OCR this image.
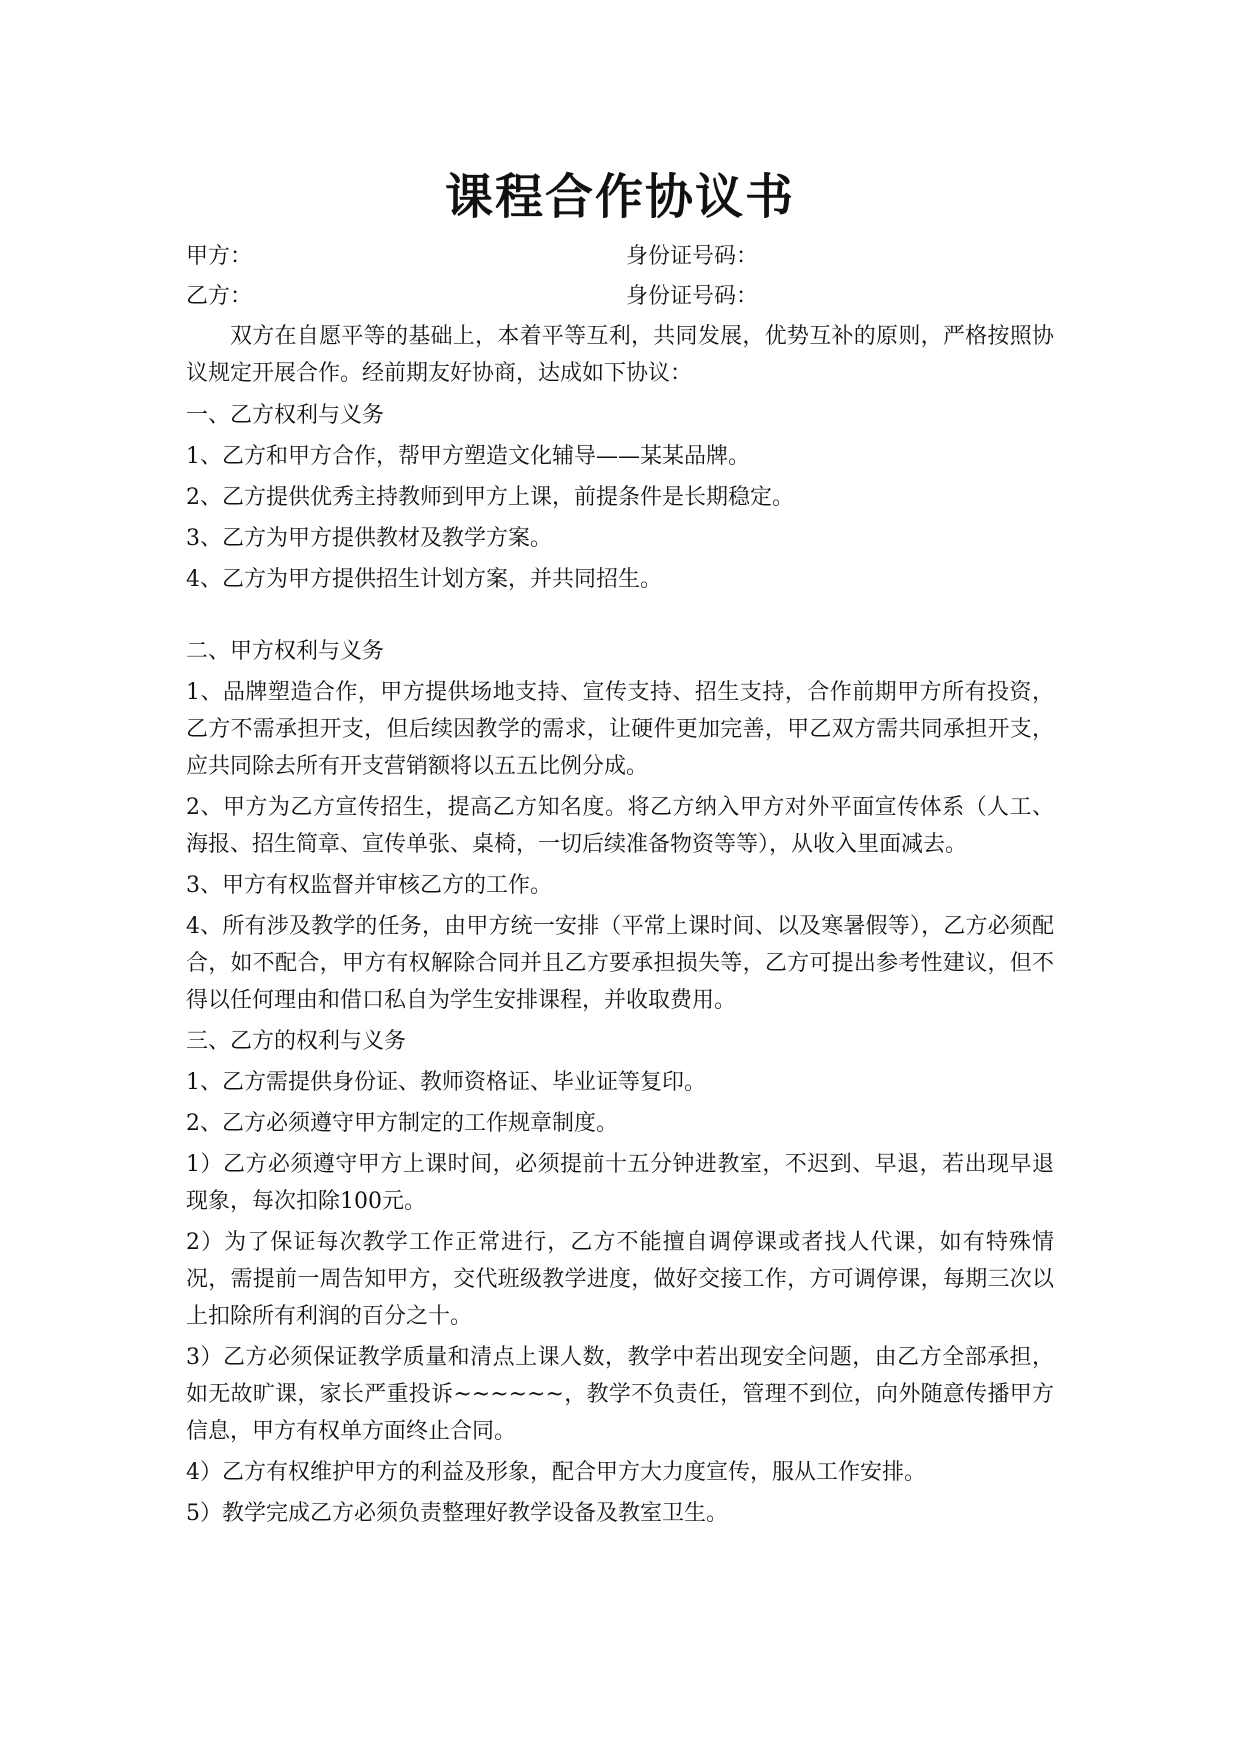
课程合作协议书
甲方：	身份证号码：
乙方：	身份证号码：

双方在自愿平等的基础上，本着平等互利，共同发展，优势互补的原则，严格按照协议规定开展合作。经前期友好协商，达成如下协议：

一、乙方权利与义务

1、乙方和甲方合作，帮甲方塑造文化辅导——某某品牌。

2、乙方提供优秀主持教师到甲方上课，前提条件是长期稳定。

3、乙方为甲方提供教材及教学方案。

4、乙方为甲方提供招生计划方案，并共同招生。

二、甲方权利与义务

1、品牌塑造合作，甲方提供场地支持、宣传支持、招生支持，合作前期甲方所有投资，乙方不需承担开支，但后续因教学的需求，让硬件更加完善，甲乙双方需共同承担开支，应共同除去所有开支营销额将以五五比例分成。

2、甲方为乙方宣传招生，提高乙方知名度。将乙方纳入甲方对外平面宣传体系（人工、海报、招生简章、宣传单张、桌椅，一切后续准备物资等等），从收入里面减去。

3、甲方有权监督并审核乙方的工作。

4、所有涉及教学的任务，由甲方统一安排（平常上课时间、以及寒暑假等），乙方必须配合，如不配合，甲方有权解除合同并且乙方要承担损失等，乙方可提出参考性建议，但不得以任何理由和借口私自为学生安排课程，并收取费用。

三、乙方的权利与义务

1、乙方需提供身份证、教师资格证、毕业证等复印。

2、乙方必须遵守甲方制定的工作规章制度。

1）乙方必须遵守甲方上课时间，必须提前十五分钟进教室，不迟到、早退，若出现早退现象，每次扣除100元。

2）为了保证每次教学工作正常进行，乙方不能擅自调停课或者找人代课，如有特殊情况，需提前一周告知甲方，交代班级教学进度，做好交接工作，方可调停课，每期三次以上扣除所有利润的百分之十。

3）乙方必须保证教学质量和清点上课人数，教学中若出现安全问题，由乙方全部承担，如无故旷课，家长严重投诉~~~~~~，教学不负责任，管理不到位，向外随意传播甲方信息，甲方有权单方面终止合同。

4）乙方有权维护甲方的利益及形象，配合甲方大力度宣传，服从工作安排。

5）教学完成乙方必须负责整理好教学设备及教室卫生。
